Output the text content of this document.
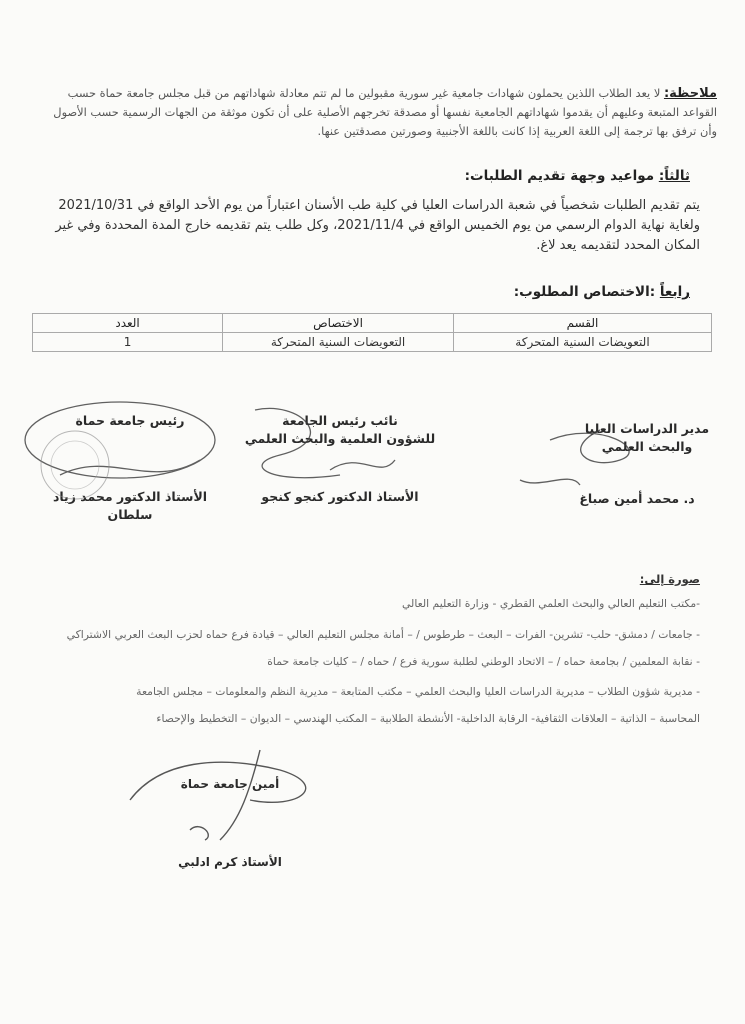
ملاحظة: لا يعد الطلاب اللذين يحملون شهادات جامعية غير سورية مقبولين ما لم تتم معادلة شهاداتهم من قبل مجلس جامعة حماة حسب القواعد المتبعة وعليهم أن يقدموا شهاداتهم الجامعية نفسها أو مصدقة تخرجهم الأصلية على أن تكون موثقة من الجهات الرسمية حسب الأصول وأن ترفق بها ترجمة إلى اللغة العربية إذا كانت باللغة الأجنبية وصورتين مصدقتين عنها.
ثالثاً: مواعيد وجهة تقديم الطلبات:
يتم تقديم الطلبات شخصياً في شعبة الدراسات العليا في كلية طب الأسنان اعتباراً من يوم الأحد الواقع في 2021/10/31 ولغاية نهاية الدوام الرسمي من يوم الخميس الواقع في 2021/11/4، وكل طلب يتم تقديمه خارج المدة المحددة وفي غير المكان المحدد لتقديمه يعد لاغ.
رابعاً :الاختصاص المطلوب:
القسم	الاختصاص	العدد
التعويضات السنية المتحركة	التعويضات السنية المتحركة	1
مدير الدراسات العليا
والبحث العلمي
د. محمد أمين صباغ
نائب رئيس الجامعة
للشؤون العلمية والبحث العلمي
الأستاذ الدكتور كنجو كنجو
رئيس جامعة حماة
الأستاذ الدكتور محمد زياد سلطان
صورة إلى:
-مكتب التعليم العالي والبحث العلمي القطري - وزارة التعليم العالي
- جامعات / دمشق- حلب- تشرين- الفرات – البعث – طرطوس / – أمانة مجلس التعليم العالي – قيادة فرع حماه لحزب البعث العربي الاشتراكي
- نقابة المعلمين / بجامعة حماه / – الاتحاد الوطني لطلبة سورية فرع / حماه / – كليات جامعة حماة
- مديرية شؤون الطلاب – مديرية الدراسات العليا والبحث العلمي – مكتب المتابعة – مديرية النظم والمعلومات – مجلس الجامعة
المحاسبة – الذاتية – العلاقات الثقافية- الرقابة الداخلية- الأنشطة الطلابية – المكتب الهندسي – الديوان – التخطيط والإحصاء
أمين جامعة حماة
الأستاذ كرم ادلبي
